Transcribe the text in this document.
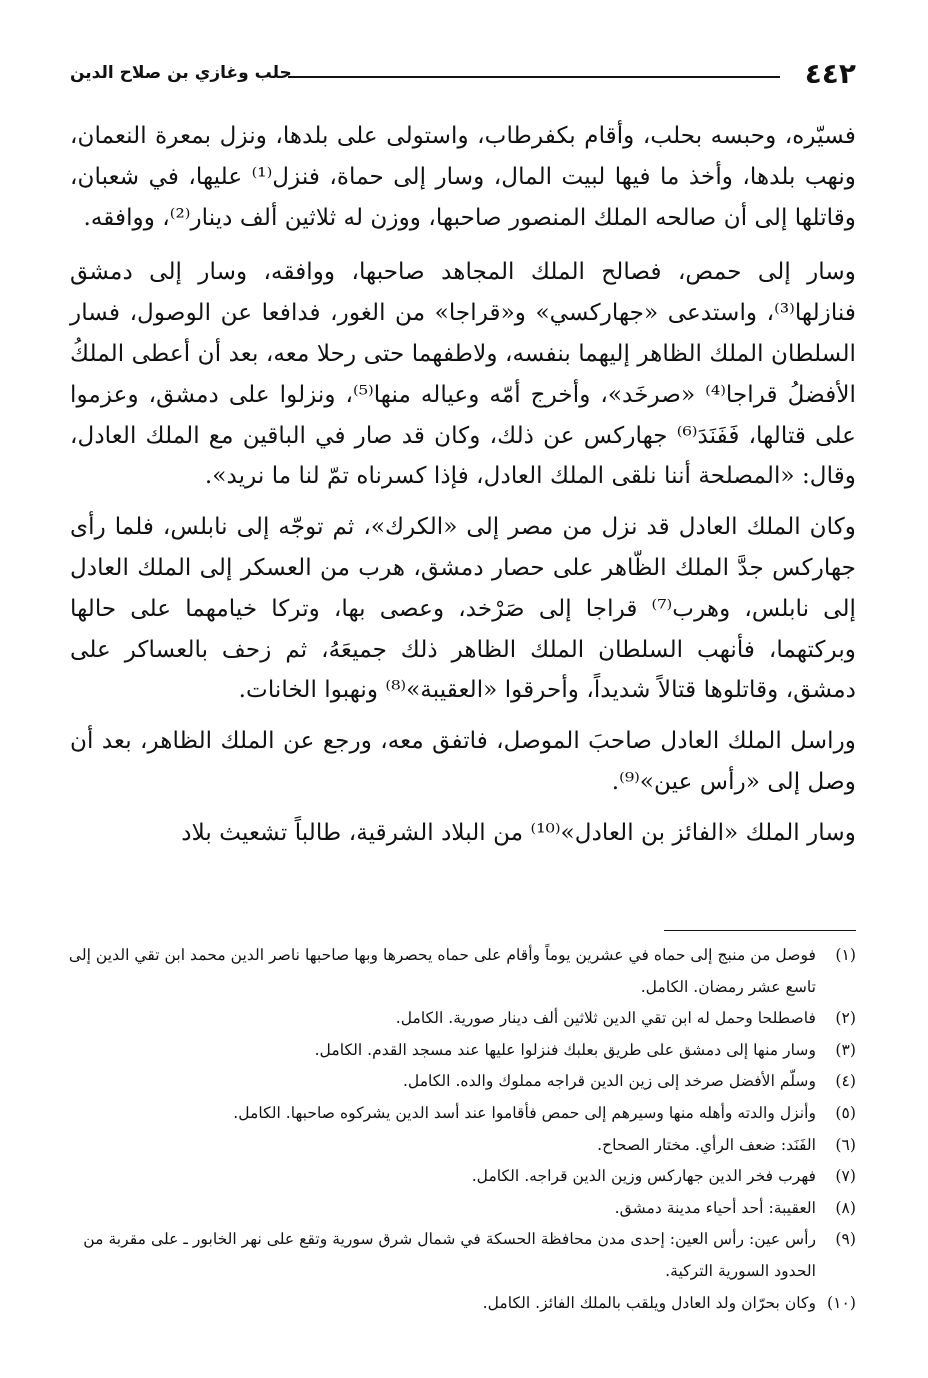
٤٤٢
حلب وغازي بن صلاح الدين

فسيّره، وحبسه بحلب، وأقام بكفرطاب، واستولى على بلدها، ونزل بمعرة النعمان، ونهب بلدها، وأخذ ما فيها لبيت المال، وسار إلى حماة، فنزل⁽¹⁾ عليها، في شعبان، وقاتلها إلى أن صالحه الملك المنصور صاحبها، ووزن له ثلاثين ألف دينار⁽²⁾، ووافقه.

وسار إلى حمص، فصالح الملك المجاهد صاحبها، ووافقه، وسار إلى دمشق فنازلها⁽³⁾، واستدعى «جهاركسي» و«قراجا» من الغور، فدافعا عن الوصول، فسار السلطان الملك الظاهر إليهما بنفسه، ولاطفهما حتى رحلا معه، بعد أن أعطى الملكُ الأفضلُ قراجا⁽⁴⁾ «صرخَد»، وأخرج أمّه وعياله منها⁽⁵⁾، ونزلوا على دمشق، وعزموا على قتالها، فَفَنَدَ⁽⁶⁾ جهاركس عن ذلك، وكان قد صار في الباقين مع الملك العادل، وقال: «المصلحة أننا نلقى الملك العادل، فإذا كسرناه تمّ لنا ما نريد».

وكان الملك العادل قد نزل من مصر إلى «الكرك»، ثم توجّه إلى نابلس، فلما رأى جهاركس جدَّ الملك الظّاهر على حصار دمشق، هرب من العسكر إلى الملك العادل إلى نابلس، وهرب⁽⁷⁾ قراجا إلى صَرْخد، وعصى بها، وتركا خيامهما على حالها وبركتهما، فأنهب السلطان الملك الظاهر ذلك جميعَهُ، ثم زحف بالعساكر على دمشق، وقاتلوها قتالاً شديداً، وأحرقوا «العقيبة»⁽⁸⁾ ونهبوا الخانات.

وراسل الملك العادل صاحبَ الموصل، فاتفق معه، ورجع عن الملك الظاهر، بعد أن وصل إلى «رأس عين»⁽⁹⁾.

وسار الملك «الفائز بن العادل»⁽¹⁰⁾ من البلاد الشرقية، طالباً تشعيث بلاد

(١)فوصل من منبج إلى حماه في عشرين يوماً وأقام على حماه يحصرها وبها صاحبها ناصر الدين محمد ابن تقي الدين إلى تاسع عشر رمضان. الكامل.

(٢)فاصطلحا وحمل له ابن تقي الدين ثلاثين ألف دينار صورية. الكامل.

(٣)وسار منها إلى دمشق على طريق بعلبك فنزلوا عليها عند مسجد القدم. الكامل.

(٤)وسلّم الأفضل صرخد إلى زين الدين قراجه مملوك والده. الكامل.

(٥)وأنزل والدته وأهله منها وسيرهم إلى حمص فأقاموا عند أسد الدين يشركوه صاحبها. الكامل.

(٦)الفَنَد: ضعف الرأي. مختار الصحاح.

(٧)فهرب فخر الدين جهاركس وزين الدين قراجه. الكامل.

(٨)العقيبة: أحد أحياء مدينة دمشق.

(٩)رأس عين: رأس العين: إحدى مدن محافظة الحسكة في شمال شرق سورية وتقع على نهر الخابور ـ على مقربة من الحدود السورية التركية.

(١٠)وكان بحرّان ولد العادل ويلقب بالملك الفائز. الكامل.
